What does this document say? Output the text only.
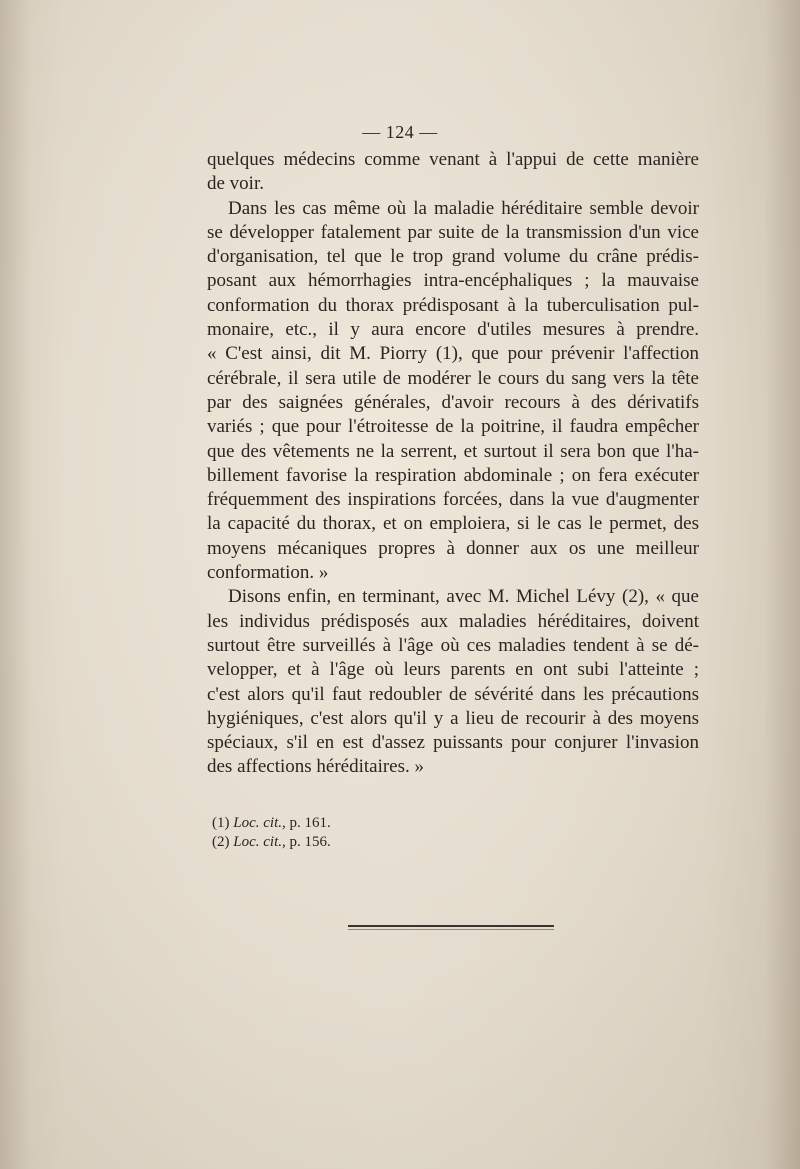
— 124 —
quelques médecins comme venant à l'appui de cette manière
de voir.
Dans les cas même où la maladie héréditaire semble devoir
se développer fatalement par suite de la transmission d'un vice
d'organisation, tel que le trop grand volume du crâne prédis-
posant aux hémorrhagies intra-encéphaliques ; la mauvaise
conformation du thorax prédisposant à la tuberculisation pul-
monaire, etc., il y aura encore d'utiles mesures à prendre.
« C'est ainsi, dit M. Piorry (1), que pour prévenir l'affection
cérébrale, il sera utile de modérer le cours du sang vers la tête
par des saignées générales, d'avoir recours à des dérivatifs
variés ; que pour l'étroitesse de la poitrine, il faudra empêcher
que des vêtements ne la serrent, et surtout il sera bon que l'ha-
billement favorise la respiration abdominale ; on fera exécuter
fréquemment des inspirations forcées, dans la vue d'augmenter
la capacité du thorax, et on emploiera, si le cas le permet, des
moyens mécaniques propres à donner aux os une meilleur
conformation. »
Disons enfin, en terminant, avec M. Michel Lévy (2), « que
les individus prédisposés aux maladies héréditaires, doivent
surtout être surveillés à l'âge où ces maladies tendent à se dé-
velopper, et à l'âge où leurs parents en ont subi l'atteinte ;
c'est alors qu'il faut redoubler de sévérité dans les précautions
hygiéniques, c'est alors qu'il y a lieu de recourir à des moyens
spéciaux, s'il en est d'assez puissants pour conjurer l'invasion
des affections héréditaires. »
(1) Loc. cit., p. 161.
(2) Loc. cit., p. 156.
